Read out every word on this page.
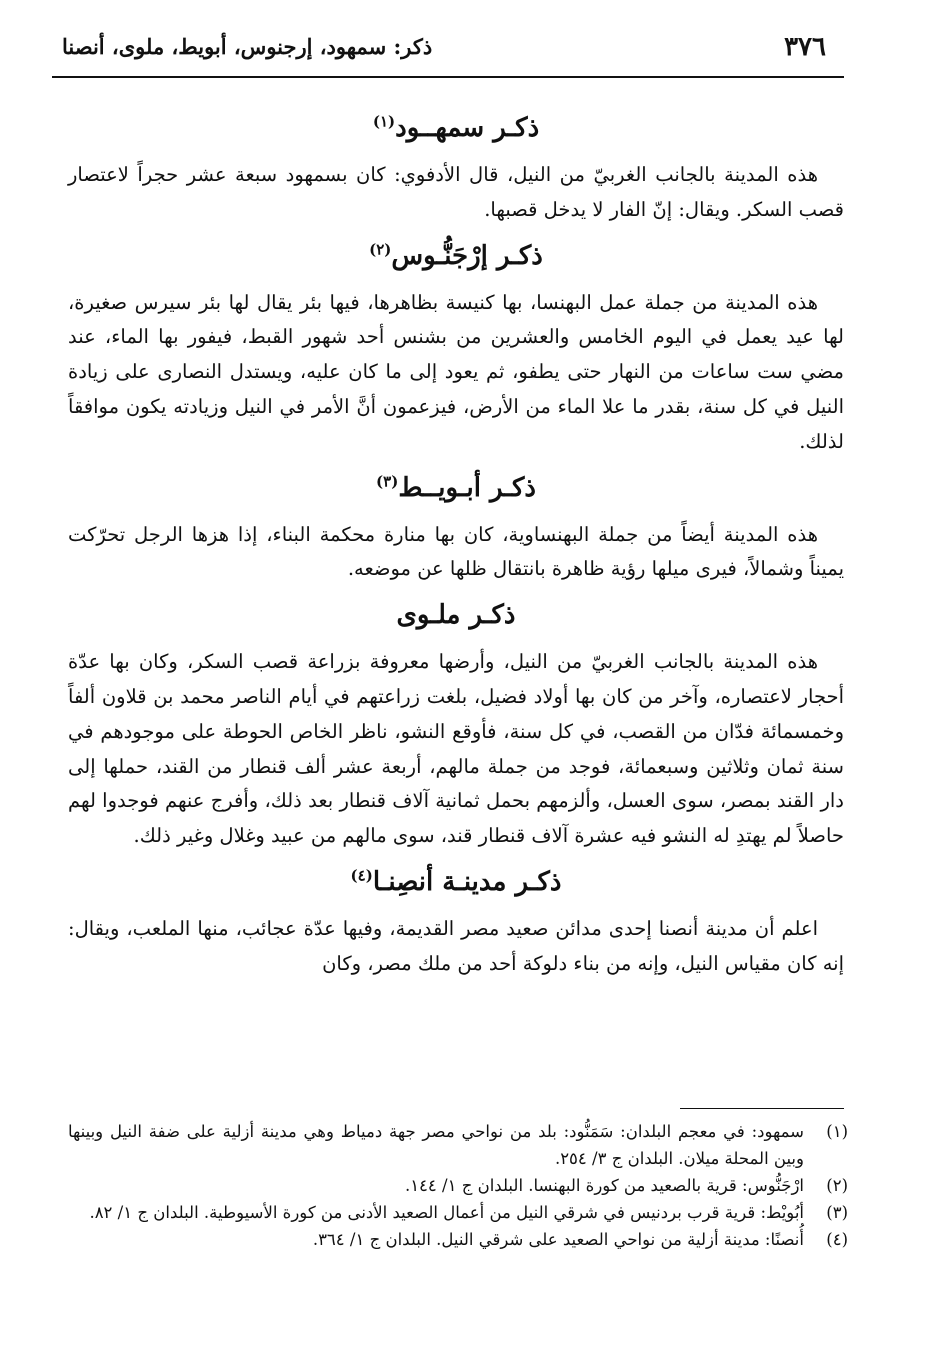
٣٧٦
ذكر: سمهود، إرجنوس، أبويط، ملوى، أنصنا
ذكـر سمهــود$^{(١)}$

هذه المدينة بالجانب الغربيّ من النيل، قال الأدفوي: كان بسمهود سبعة عشر حجراً لاعتصار قصب السكر. ويقال: إنّ الفار لا يدخل قصبها.

ذكـر إرْجَنُّـوس$^{(٢)}$

هذه المدينة من جملة عمل البهنسا، بها كنيسة بظاهرها، فيها بئر يقال لها بئر سيرس صغيرة، لها عيد يعمل في اليوم الخامس والعشرين من بشنس أحد شهور القبط، فيفور بها الماء، عند مضي ست ساعات من النهار حتى يطفو، ثم يعود إلى ما كان عليه، ويستدل النصارى على زيادة النيل في كل سنة، بقدر ما علا الماء من الأرض، فيزعمون أنَّ الأمر في النيل وزيادته يكون موافقاً لذلك.

ذكـر أبـويــط$^{(٣)}$

هذه المدينة أيضاً من جملة البهنساوية، كان بها منارة محكمة البناء، إذا هزها الرجل تحرّكت يميناً وشمالاً، فيرى ميلها رؤية ظاهرة بانتقال ظلها عن موضعه.

ذكـر ملـوى

هذه المدينة بالجانب الغربيّ من النيل، وأرضها معروفة بزراعة قصب السكر، وكان بها عدّة أحجار لاعتصاره، وآخر من كان بها أولاد فضيل، بلغت زراعتهم في أيام الناصر محمد بن قلاون ألفاً وخمسمائة فدّان من القصب، في كل سنة، فأوقع النشو، ناظر الخاص الحوطة على موجودهم في سنة ثمان وثلاثين وسبعمائة، فوجد من جملة مالهم، أربعة عشر ألف قنطار من القند، حملها إلى دار القند بمصر، سوى العسل، وألزمهم بحمل ثمانية آلاف قنطار بعد ذلك، وأفرج عنهم فوجدوا لهم حاصلاً لم يهتدِ له النشو فيه عشرة آلاف قنطار قند، سوى مالهم من عبيد وغلال وغير ذلك.

ذكـر مدينـة أنصِنـا$^{(٤)}$

اعلم أن مدينة أنصنا إحدى مدائن صعيد مصر القديمة، وفيها عدّة عجائب، منها الملعب، ويقال: إنه كان مقياس النيل، وإنه من بناء دلوكة أحد من ملك مصر، وكان

(١)
سمهود: في معجم البلدان: سَمَنُّود: بلد من نواحي مصر جهة دمياط وهي مدينة أزلية على ضفة النيل وبينها وبين المحلة ميلان. البلدان ج ٣/ ٢٥٤.
(٢)
ارْجَنُّوس: قرية بالصعيد من كورة البهنسا. البلدان ج ١/ ١٤٤.
(٣)
أبُويْط: قرية قرب بردنيس في شرقي النيل من أعمال الصعيد الأدنى من كورة الأسيوطية. البلدان ج ١/ ٨٢.
(٤)
أُنصنًا: مدينة أزلية من نواحي الصعيد على شرقي النيل. البلدان ج ١/ ٣٦٤.
